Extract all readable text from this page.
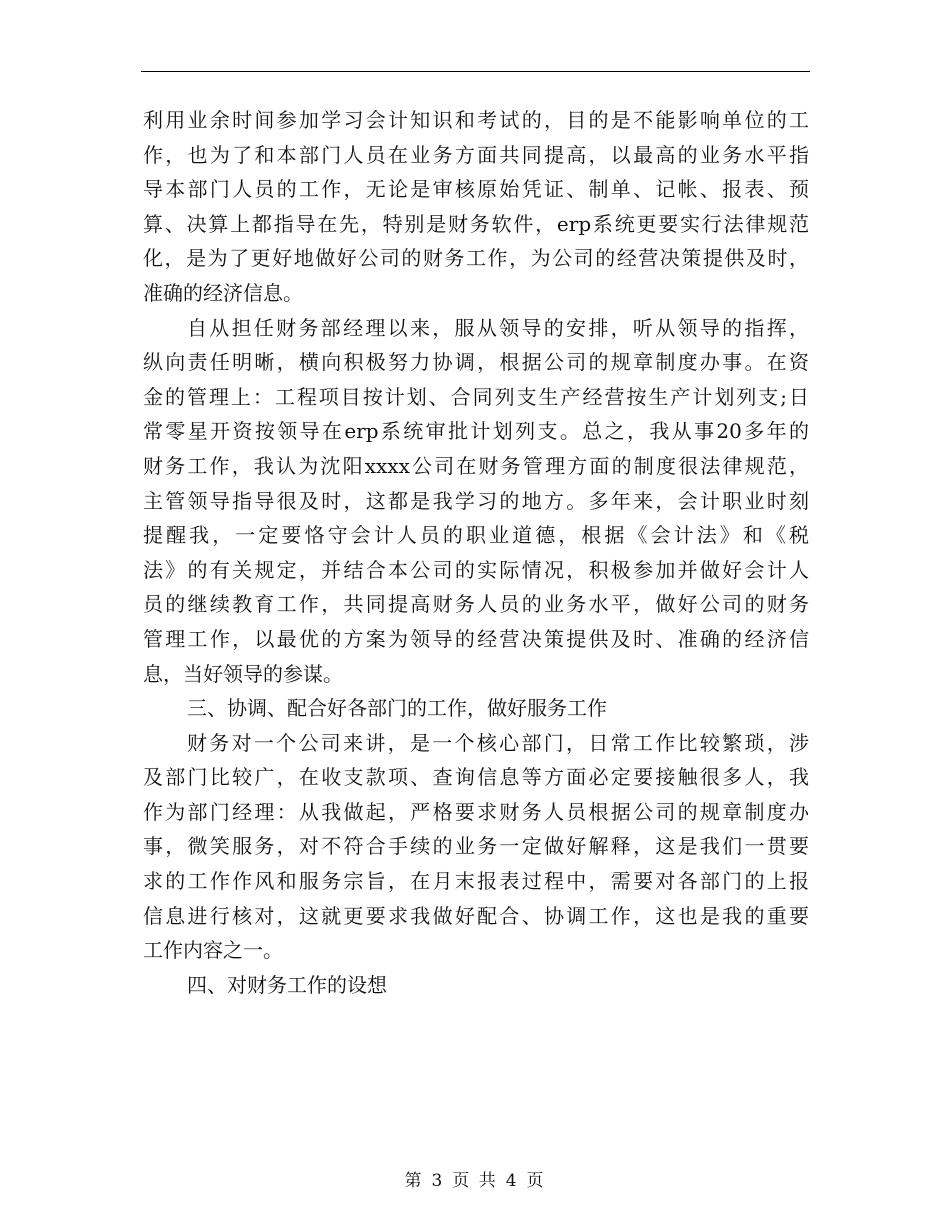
利用业余时间参加学习会计知识和考试的，目的是不能影响单位的工
作，也为了和本部门人员在业务方面共同提高，以最高的业务水平指
导本部门人员的工作，无论是审核原始凭证、制单、记帐、报表、预
算、决算上都指导在先，特别是财务软件，erp系统更要实行法律规范
化，是为了更好地做好公司的财务工作，为公司的经营决策提供及时，
准确的经济信息。
自从担任财务部经理以来，服从领导的安排，听从领导的指挥，
纵向责任明晰，横向积极努力协调，根据公司的规章制度办事。在资
金的管理上：工程项目按计划、合同列支生产经营按生产计划列支;日
常零星开资按领导在erp系统审批计划列支。总之，我从事20多年的
财务工作，我认为沈阳xxxx公司在财务管理方面的制度很法律规范，
主管领导指导很及时，这都是我学习的地方。多年来，会计职业时刻
提醒我，一定要恪守会计人员的职业道德，根据《会计法》和《税
法》的有关规定，并结合本公司的实际情况，积极参加并做好会计人
员的继续教育工作，共同提高财务人员的业务水平，做好公司的财务
管理工作，以最优的方案为领导的经营决策提供及时、准确的经济信
息，当好领导的参谋。
三、协调、配合好各部门的工作，做好服务工作
财务对一个公司来讲，是一个核心部门，日常工作比较繁琐，涉
及部门比较广，在收支款项、查询信息等方面必定要接触很多人，我
作为部门经理：从我做起，严格要求财务人员根据公司的规章制度办
事，微笑服务，对不符合手续的业务一定做好解释，这是我们一贯要
求的工作作风和服务宗旨，在月末报表过程中，需要对各部门的上报
信息进行核对，这就更要求我做好配合、协调工作，这也是我的重要
工作内容之一。
四、对财务工作的设想
第 3 页 共 4 页
